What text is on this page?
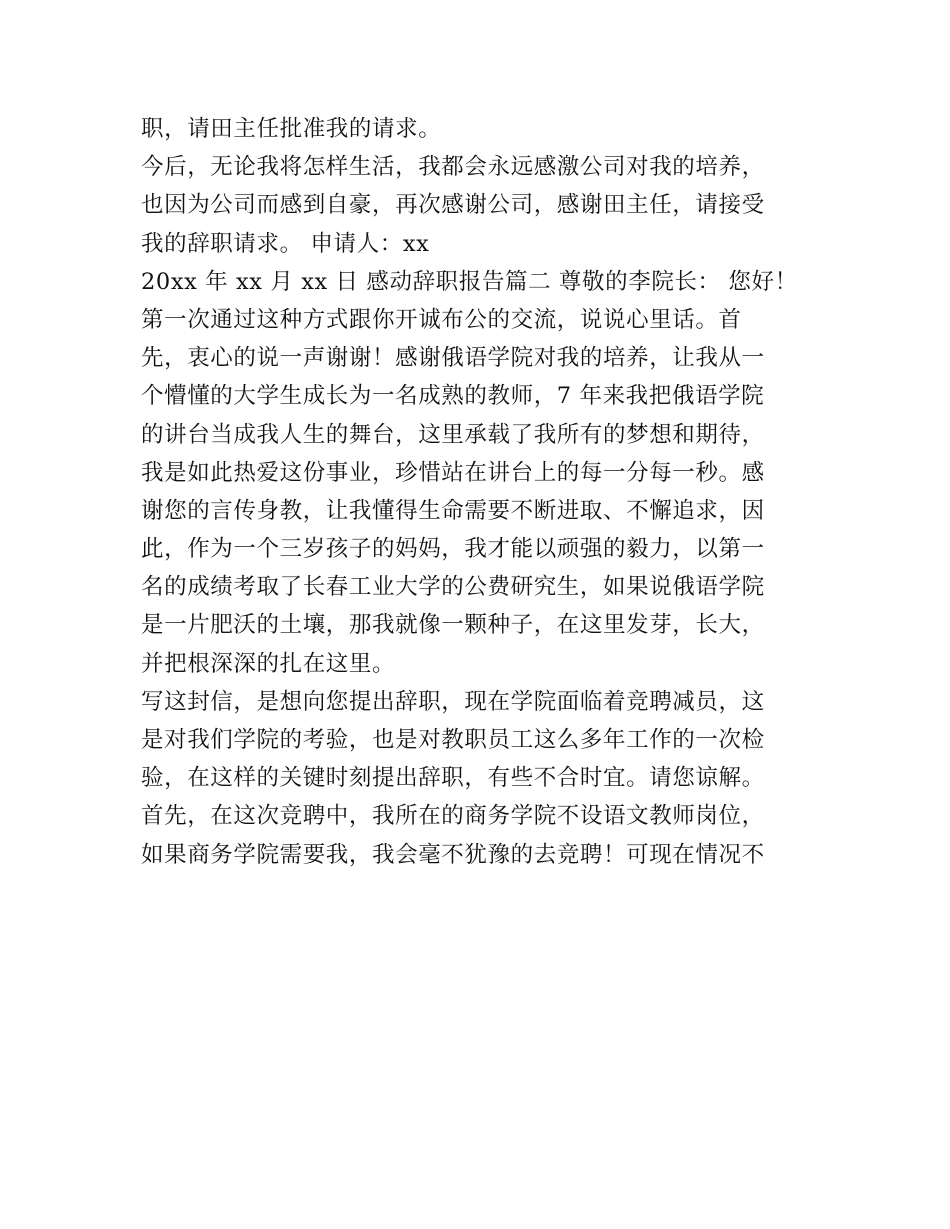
职，请田主任批准我的请求。
今后，无论我将怎样生活，我都会永远感激公司对我的培养，
也因为公司而感到自豪，再次感谢公司，感谢田主任，请接受
我的辞职请求。 申请人：xx
20xx 年 xx 月 xx 日 感动辞职报告篇二 尊敬的李院长： 您好！
第一次通过这种方式跟你开诚布公的交流，说说心里话。首
先，衷心的说一声谢谢！感谢俄语学院对我的培养，让我从一
个懵懂的大学生成长为一名成熟的教师，7 年来我把俄语学院
的讲台当成我人生的舞台，这里承载了我所有的梦想和期待，
我是如此热爱这份事业，珍惜站在讲台上的每一分每一秒。感
谢您的言传身教，让我懂得生命需要不断进取、不懈追求，因
此，作为一个三岁孩子的妈妈，我才能以顽强的毅力，以第一
名的成绩考取了长春工业大学的公费研究生，如果说俄语学院
是一片肥沃的土壤，那我就像一颗种子，在这里发芽，长大，
并把根深深的扎在这里。
写这封信，是想向您提出辞职，现在学院面临着竞聘减员，这
是对我们学院的考验，也是对教职员工这么多年工作的一次检
验，在这样的关键时刻提出辞职，有些不合时宜。请您谅解。
首先，在这次竞聘中，我所在的商务学院不设语文教师岗位，
如果商务学院需要我，我会毫不犹豫的去竞聘！可现在情况不
